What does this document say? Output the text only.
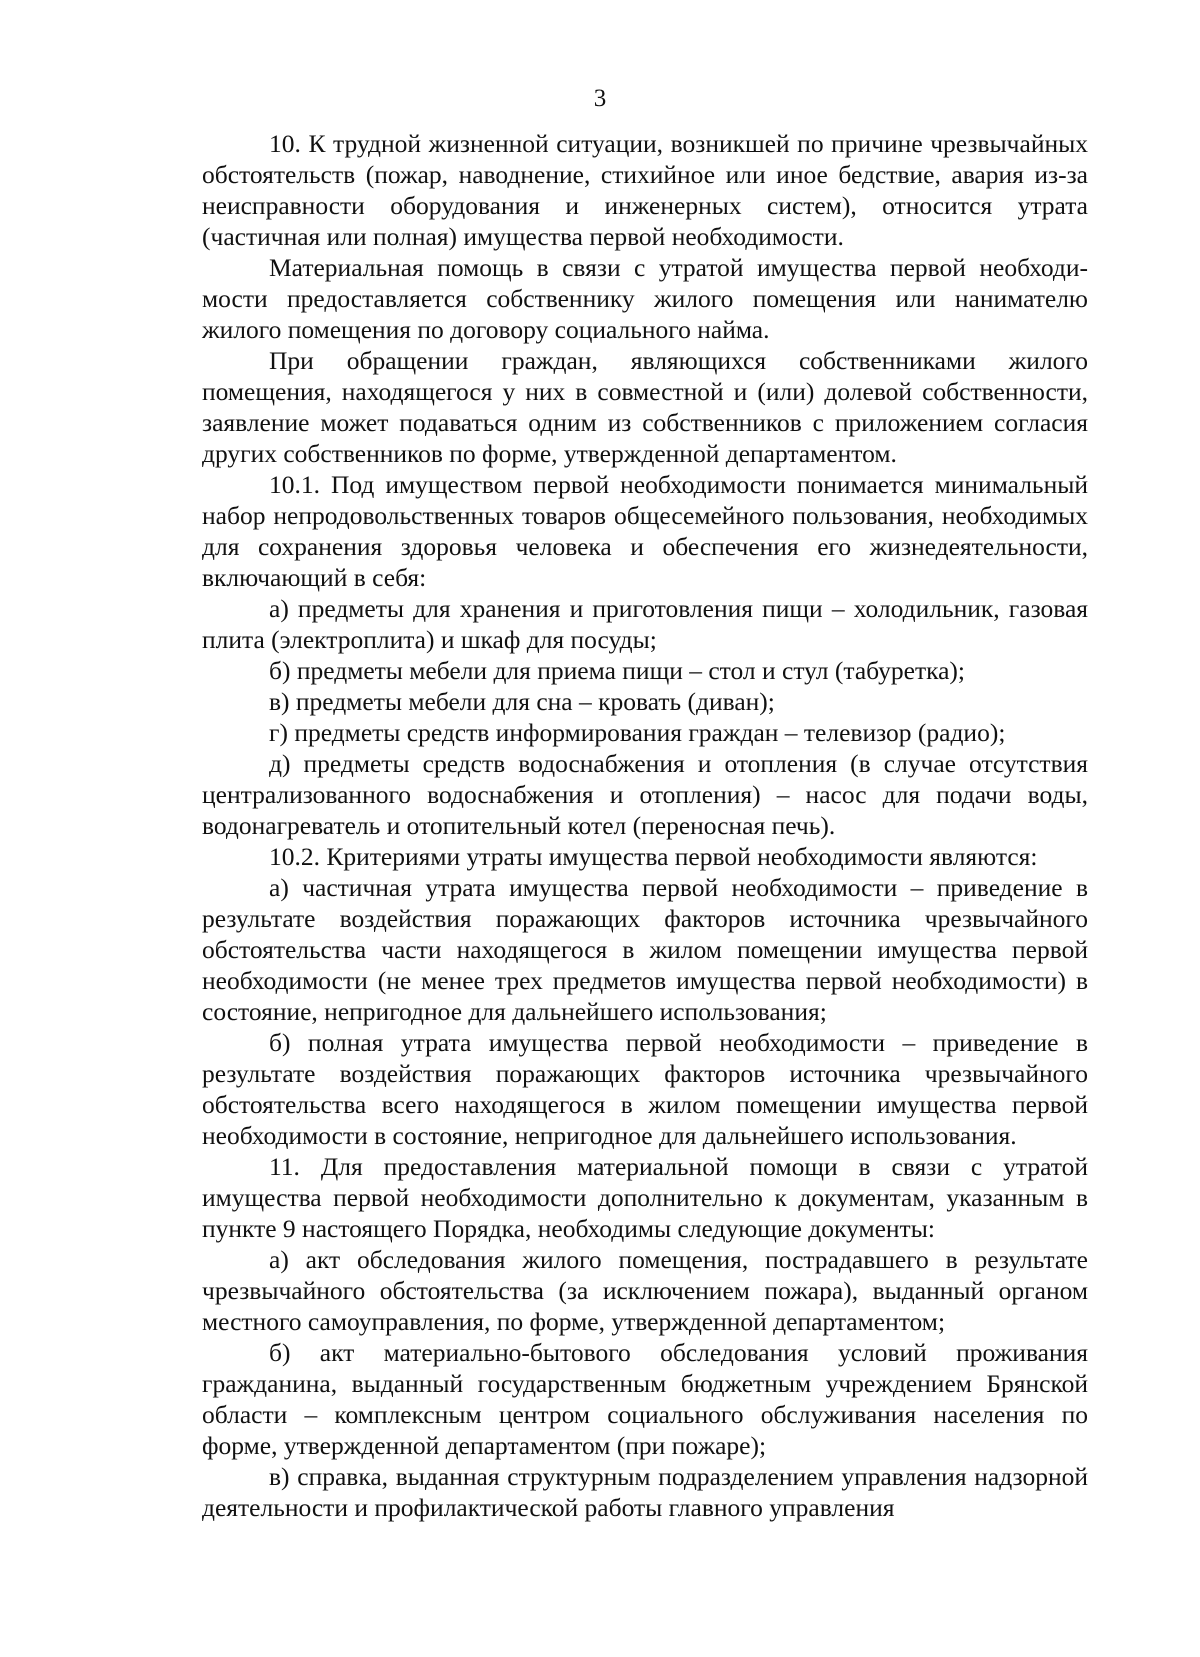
3

10. К трудной жизненной ситуации, возникшей по причине чрезвычайных обстоятельств (пожар, наводнение, стихийное или иное бедствие, авария из-за неисправности оборудования и инженерных систем), относится утрата (частичная или полная) имущества первой необходимости.

Материальная помощь в связи с утратой имущества первой необходимости предоставляется собственнику жилого помещения или нанимателю жилого помещения по договору социального найма.

При обращении граждан, являющихся собственниками жилого помещения, находящегося у них в совместной и (или) долевой собственности, заявление может подаваться одним из собственников с приложением согласия других собственников по форме, утвержденной департаментом.

10.1. Под имуществом первой необходимости понимается минимальный набор непродовольственных товаров общесемейного пользования, необходимых для сохранения здоровья человека и обеспечения его жизнедеятельности, включающий в себя:

а) предметы для хранения и приготовления пищи – холодильник, газовая плита (электроплита) и шкаф для посуды;

б) предметы мебели для приема пищи – стол и стул (табуретка);

в) предметы мебели для сна – кровать (диван);

г) предметы средств информирования граждан – телевизор (радио);

д) предметы средств водоснабжения и отопления (в случае отсутствия централизованного водоснабжения и отопления) – насос для подачи воды, водонагреватель и отопительный котел (переносная печь).

10.2. Критериями утраты имущества первой необходимости являются:

а) частичная утрата имущества первой необходимости – приведение в результате воздействия поражающих факторов источника чрезвычайного обстоятельства части находящегося в жилом помещении имущества первой необходимости (не менее трех предметов имущества первой необходимости) в состояние, непригодное для дальнейшего использования;

б) полная утрата имущества первой необходимости – приведение в результате воздействия поражающих факторов источника чрезвычайного обстоятельства всего находящегося в жилом помещении имущества первой необходимости в состояние, непригодное для дальнейшего использования.

11. Для предоставления материальной помощи в связи с утратой имущества первой необходимости дополнительно к документам, указанным в пункте 9 настоящего Порядка, необходимы следующие документы:

а) акт обследования жилого помещения, пострадавшего в результате чрезвычайного обстоятельства (за исключением пожара), выданный органом местного самоуправления, по форме, утвержденной департаментом;

б) акт материально-бытового обследования условий проживания гражданина, выданный государственным бюджетным учреждением Брянской области – комплексным центром социального обслуживания населения по форме, утвержденной департаментом (при пожаре);

в) справка, выданная структурным подразделением управления надзорной деятельности и профилактической работы главного управления
